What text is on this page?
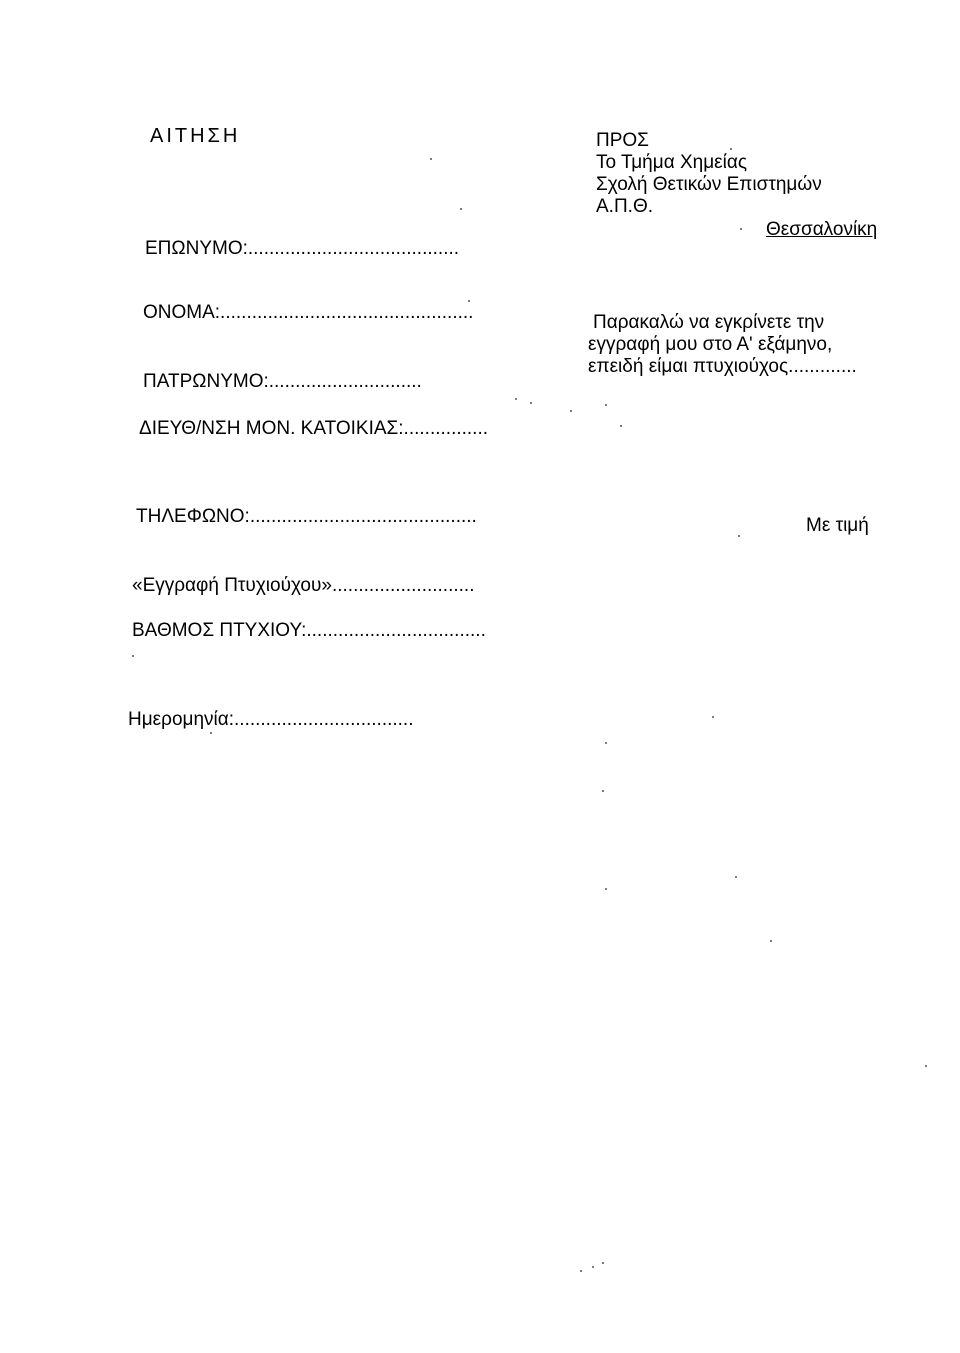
ΑΙΤΗΣΗ	ΠΡΟΣ
Το Τμήμα Χημείας
Σχολή Θετικών Επιστημών
Α.Π.Θ.
Θεσσαλονίκη
ΕΠΩΝΥΜΟ:........................................
ΟΝΟΜΑ:................................................
ΠΑΤΡΩΝΥΜΟ:.............................
ΔΙΕΥΘ/ΝΣΗ ΜΟΝ. ΚΑΤΟΙΚΙΑΣ:................
Παρακαλώ να εγκρίνετε την
εγγραφή μου στο Α' εξάμηνο,
επειδή είμαι πτυχιούχος.............
ΤΗΛΕΦΩΝΟ:...........................................	Με τιμή
«Εγγραφή Πτυχιούχου»...........................
ΒΑΘΜΟΣ ΠΤΥΧΙΟΥ:..................................
Ημερομηνία:..................................
